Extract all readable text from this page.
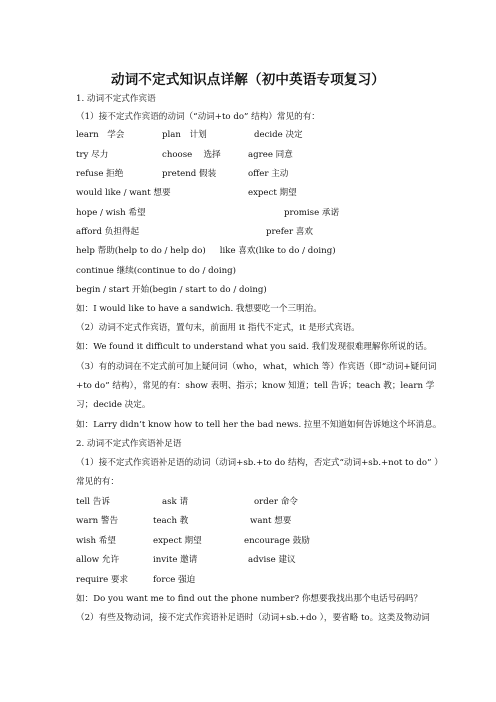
动词不定式知识点详解（初中英语专项复习）
1. 动词不定式作宾语
（1）接不定式作宾语的动词（“动词+to do” 结构）常见的有：
learn　学会	plan　计划	decide 决定
try 尽力	choose　 选择	agree 同意
refuse 拒绝	pretend 假装	offer 主动
would like / want 想要	expect 期望
hope / wish 希望	promise 承诺
afford 负担得起	prefer 喜欢
help 帮助(help to do / help do) like 喜欢(like to do / doing)
continue 继续(continue to do / doing)
begin / start 开始(begin / start to do / doing)
如：I would like to have a sandwich. 我想要吃一个三明治。
（2）动词不定式作宾语，置句末，前面用 it 指代不定式，it 是形式宾语。
如：We found it difficult to understand what you said. 我们发现很难理解你所说的话。
（3）有的动词在不定式前可加上疑问词（who，what，which 等）作宾语（即“动词+疑问词
+to do” 结构），常见的有：show 表明、指示；know 知道；tell 告诉；teach 教；learn 学
习；decide 决定。
如：Larry didn’t know how to tell her the bad news. 拉里不知道如何告诉她这个坏消息。
2. 动词不定式作宾语补足语
（1）接不定式作宾语补足语的动词（动词+sb.+to do 结构，否定式“动词+sb.+not to do” ）
常见的有：
tell 告诉	ask 请	order 命令
warn 警告	teach 教	want 想要
wish 希望	expect 期望	encourage 鼓励
allow 允许	invite 邀请	advise 建议
require 要求	force 强迫
如：Do you want me to find out the phone number? 你想要我找出那个电话号码吗？
（2）有些及物动词，接不定式作宾语补足语时（动词+sb.+do ），要省略 to。这类及物动词
